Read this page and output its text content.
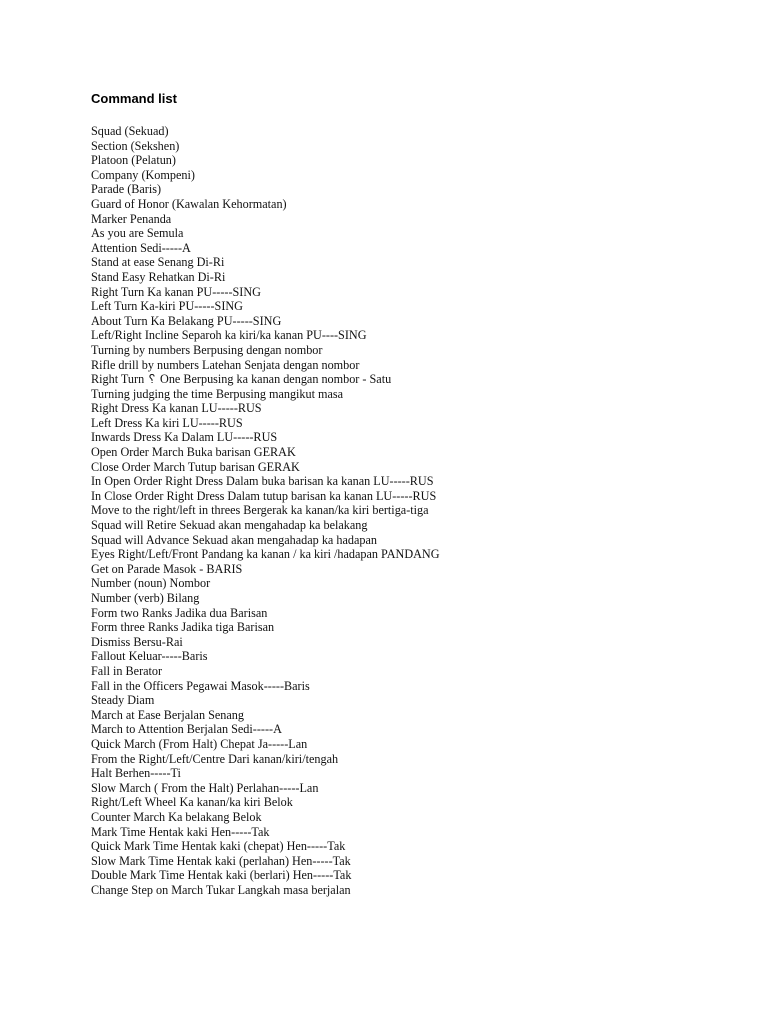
Command list
Squad (Sekuad)
Section (Sekshen)
Platoon (Pelatun)
Company (Kompeni)
Parade (Baris)
Guard of Honor (Kawalan Kehormatan)
Marker Penanda
As you are Semula
Attention Sedi-----A
Stand at ease Senang Di-Ri
Stand Easy Rehatkan Di-Ri
Right Turn Ka kanan PU-----SING
Left Turn Ka-kiri PU-----SING
About Turn Ka Belakang PU-----SING
Left/Right Incline Separoh ka kiri/ka kanan PU----SING
Turning by numbers Berpusing dengan nombor
Rifle drill by numbers Latehan Senjata dengan nombor
Right Turn ␦ One Berpusing ka kanan dengan nombor - Satu
Turning judging the time Berpusing mangikut masa
Right Dress Ka kanan LU-----RUS
Left Dress Ka kiri LU-----RUS
Inwards Dress Ka Dalam LU-----RUS
Open Order March Buka barisan GERAK
Close Order March Tutup barisan GERAK
In Open Order Right Dress Dalam buka barisan ka kanan LU-----RUS
In Close Order Right Dress Dalam tutup barisan ka kanan LU-----RUS
Move to the right/left in threes Bergerak ka kanan/ka kiri bertiga-tiga
Squad will Retire Sekuad akan mengahadap ka belakang
Squad will Advance Sekuad akan mengahadap ka hadapan
Eyes Right/Left/Front Pandang ka kanan / ka kiri /hadapan PANDANG
Get on Parade Masok - BARIS
Number (noun) Nombor
Number (verb) Bilang
Form two Ranks Jadika dua Barisan
Form three Ranks Jadika tiga Barisan
Dismiss Bersu-Rai
Fallout Keluar-----Baris
Fall in Berator
Fall in the Officers Pegawai Masok-----Baris
Steady Diam
March at Ease Berjalan Senang
March to Attention Berjalan Sedi-----A
Quick March (From Halt) Chepat Ja-----Lan
From the Right/Left/Centre Dari kanan/kiri/tengah
Halt Berhen-----Ti
Slow March ( From the Halt) Perlahan-----Lan
Right/Left Wheel Ka kanan/ka kiri Belok
Counter March Ka belakang Belok
Mark Time Hentak kaki Hen-----Tak
Quick Mark Time Hentak kaki (chepat) Hen-----Tak
Slow Mark Time Hentak kaki (perlahan) Hen-----Tak
Double Mark Time Hentak kaki (berlari) Hen-----Tak
Change Step on March Tukar Langkah masa berjalan
